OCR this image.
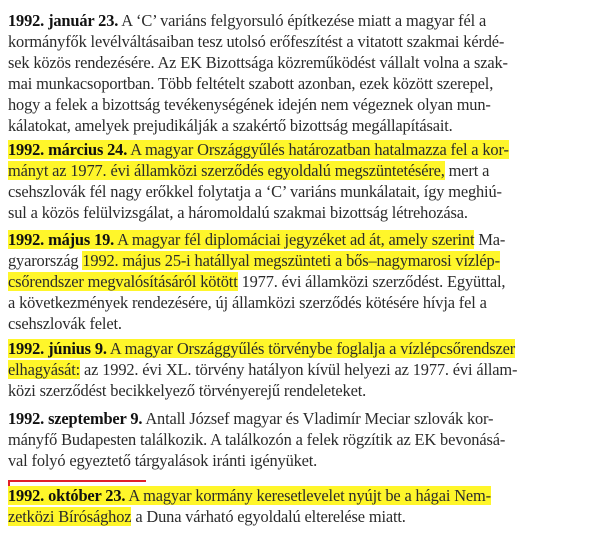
1992. január 23. A ‘C’ variáns felgyorsuló építkezése miatt a magyar fél a
kormányfők levélváltásaiban tesz utolsó erőfeszítést a vitatott szakmai kérdé-
sek közös rendezésére. Az EK Bizottsága közreműködést vállalt volna a szak-
mai munkacsoportban. Több feltételt szabott azonban, ezek között szerepel,
hogy a felek a bizottság tevékenységének idején nem végeznek olyan mun-
kálatokat, amelyek prejudikálják a szakértő bizottság megállapításait.
1992. március 24. A magyar Országgyűlés határozatban hatalmazza fel a kor-
mányt az 1977. évi államközi szerződés egyoldalú megszüntetésére, mert a
csehszlovák fél nagy erőkkel folytatja a ‘C’ variáns munkálatait, így meghiú-
sul a közös felülvizsgálat, a háromoldalú szakmai bizottság létrehozása.
1992. május 19. A magyar fél diplomáciai jegyzéket ad át, amely szerint Ma-
gyarország 1992. május 25-i hatállyal megszünteti a bős–nagymarosi vízlép-
csőrendszer megvalósításáról kötött 1977. évi államközi szerződést. Együttal,
a következmények rendezésére, új államközi szerződés kötésére hívja fel a
csehszlovák felet.
1992. június 9. A magyar Országgyűlés törvénybe foglalja a vízlépcsőrendszer
elhagyását: az 1992. évi XL. törvény hatályon kívül helyezi az 1977. évi állam-
közi szerződést becikkelyező törvényerejű rendeleteket.
1992. szeptember 9. Antall József magyar és Vladimír Meciar szlovák kor-
mányfő Budapesten találkozik. A találkozón a felek rögzítik az EK bevonásá-
val folyó egyeztető tárgyalások iránti igényüket.
1992. október 23. A magyar kormány keresetlevelet nyújt be a hágai Nem-
zetközi Bírósághoz a Duna várható egyoldalú elterelése miatt.
